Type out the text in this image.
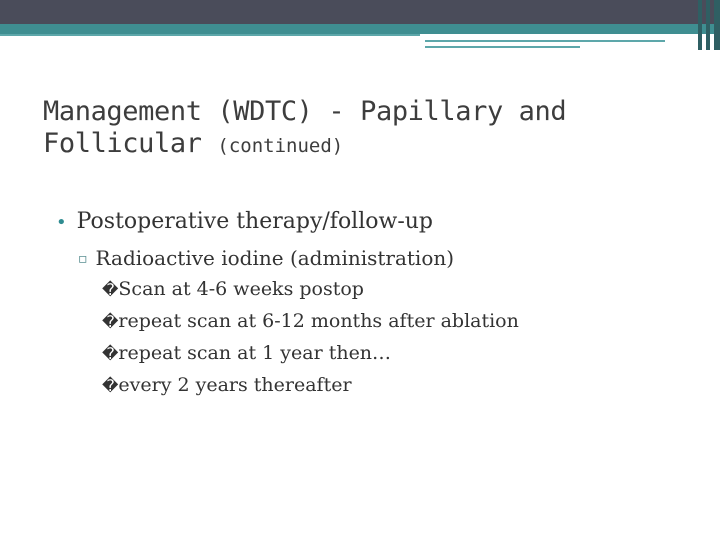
Management (WDTC) - Papillary and Follicular (continued)
• Postoperative therapy/follow-up
▫ Radioactive iodine (administration)
�Scan at 4-6 weeks postop
�repeat scan at 6-12 months after ablation
�repeat scan at 1 year then…
�every 2 years thereafter
